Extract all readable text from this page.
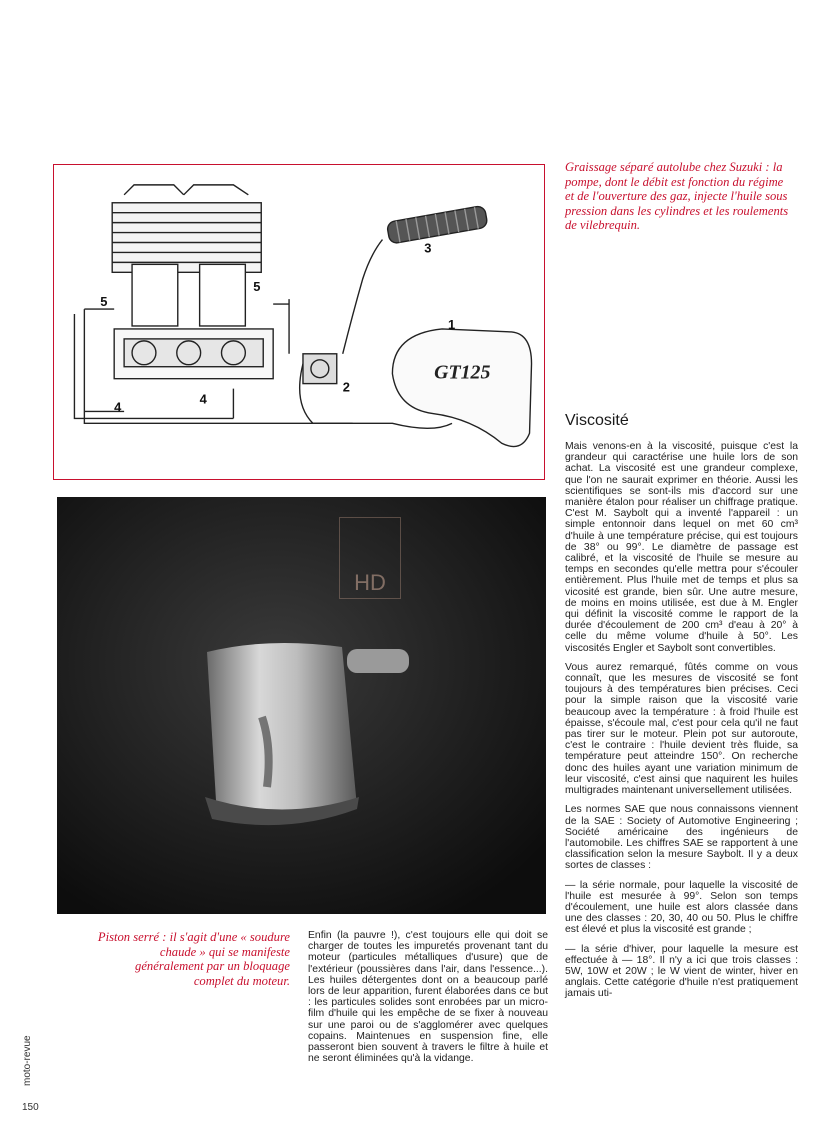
GT125
1
2
3
4
4
5
5
Graissage séparé autolube chez Suzuki : la pompe, dont le débit est fonction du régime et de l'ouverture des gaz, injecte l'huile sous pression dans les cylindres et les roulements de vilebrequin.
HD
Piston serré : il s'agit d'une « soudure chaude » qui se manifeste généralement par un bloquage complet du moteur.
Viscosité

Mais venons-en à la viscosité, puisque c'est la grandeur qui caractérise une huile lors de son achat. La viscosité est une grandeur complexe, que l'on ne saurait exprimer en théorie. Aussi les scientifiques se sont-ils mis d'accord sur une manière étalon pour réaliser un chiffrage pratique. C'est M. Saybolt qui a inventé l'appareil : un simple entonnoir dans lequel on met 60 cm³ d'huile à une température précise, qui est toujours de 38° ou 99°. Le diamètre de passage est calibré, et la viscosité de l'huile se mesure au temps en secondes qu'elle mettra pour s'écouler entièrement. Plus l'huile met de temps et plus sa vicosité est grande, bien sûr. Une autre mesure, de moins en moins utilisée, est due à M. Engler qui définit la viscosité comme le rapport de la durée d'écoulement de 200 cm³ d'eau à 20° à celle du même volume d'huile à 50°. Les viscosités Engler et Saybolt sont convertibles.

Vous aurez remarqué, fûtés comme on vous connaît, que les mesures de viscosité se font toujours à des températures bien précises. Ceci pour la simple raison que la viscosité varie beaucoup avec la température : à froid l'huile est épaisse, s'écoule mal, c'est pour cela qu'il ne faut pas tirer sur le moteur. Plein pot sur autoroute, c'est le contraire : l'huile devient très fluide, sa température peut atteindre 150°. On recherche donc des huiles ayant une variation minimum de leur viscosité, c'est ainsi que naquirent les huiles multigrades maintenant universellement utilisées.

Les normes SAE que nous connaissons viennent de la SAE : Society of Automotive Engineering ; Société américaine des ingénieurs de l'automobile. Les chiffres SAE se rapportent à une classification selon la mesure Saybolt. Il y a deux sortes de classes :

— la série normale, pour laquelle la viscosité de l'huile est mesurée à 99°. Selon son temps d'écoulement, une huile est alors classée dans une des classes : 20, 30, 40 ou 50. Plus le chiffre est élevé et plus la viscosité est grande ;

— la série d'hiver, pour laquelle la mesure est effectuée à — 18°. Il n'y a ici que trois classes : 5W, 10W et 20W ; le W vient de winter, hiver en anglais. Cette catégorie d'huile n'est pratiquement jamais uti-

Enfin (la pauvre !), c'est toujours elle qui doit se charger de toutes les impuretés provenant tant du moteur (particules métalliques d'usure) que de l'extérieur (poussières dans l'air, dans l'essence...). Les huiles détergentes dont on a beaucoup parlé lors de leur apparition, furent élaborées dans ce but : les particules solides sont enrobées par un micro-film d'huile qui les empêche de se fixer à nouveau sur une paroi ou de s'agglomérer avec quelques copains. Maintenues en suspension fine, elle passeront bien souvent à travers le filtre à huile et ne seront éliminées qu'à la vidange.

moto-revue
150
